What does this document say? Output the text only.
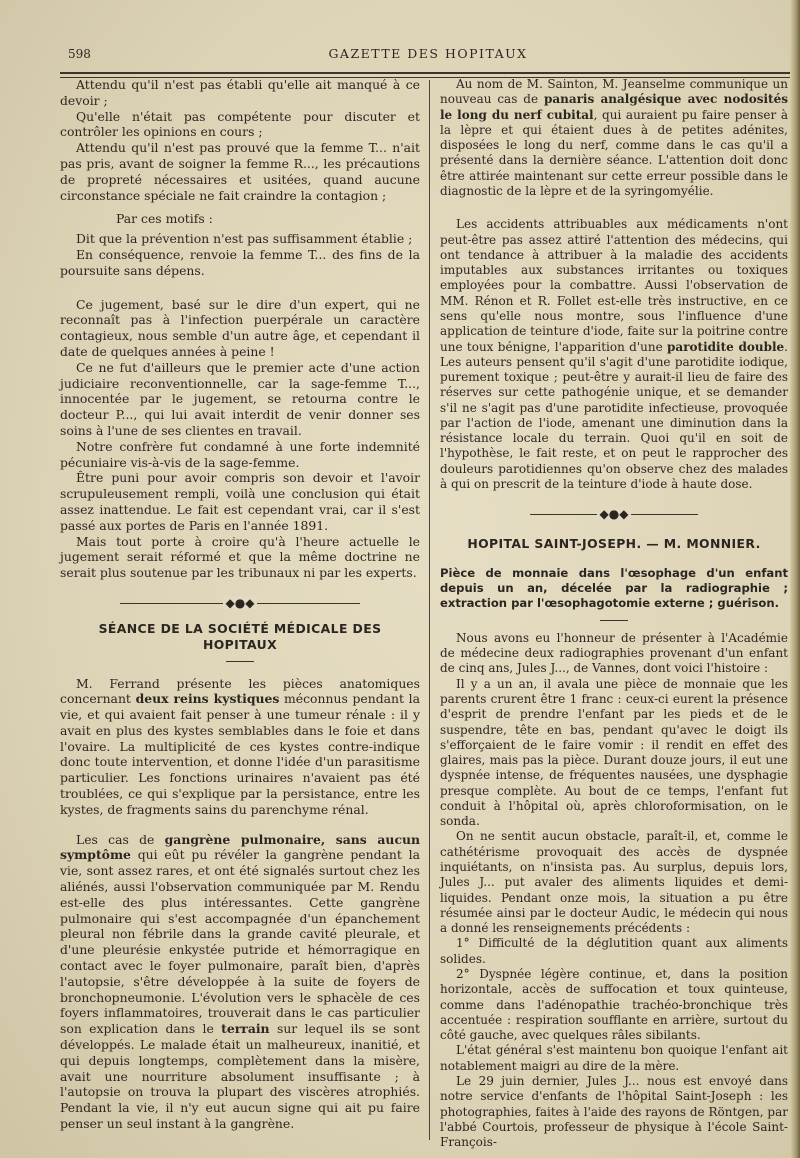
598	GAZETTE DES HOPITAUX

Attendu qu'il n'est pas établi qu'elle ait manqué à ce devoir ;

Qu'elle n'était pas compétente pour discuter et contrôler les opinions en cours ;

Attendu qu'il n'est pas prouvé que la femme T... n'ait pas pris, avant de soigner la femme R..., les précautions de propreté nécessaires et usitées, quand aucune circonstance spéciale ne fait craindre la contagion ;

Par ces motifs :

Dit que la prévention n'est pas suffisamment établie ;

En conséquence, renvoie la femme T... des fins de la poursuite sans dépens.

Ce jugement, basé sur le dire d'un expert, qui ne reconnaît pas à l'infection puerpérale un caractère contagieux, nous semble d'un autre âge, et cependant il date de quelques années à peine !

Ce ne fut d'ailleurs que le premier acte d'une action judiciaire reconventionnelle, car la sage-femme T..., innocentée par le jugement, se retourna contre le docteur P..., qui lui avait interdit de venir donner ses soins à l'une de ses clientes en travail.

Notre confrère fut condamné à une forte indemnité pécuniaire vis-à-vis de la sage-femme.

Être puni pour avoir compris son devoir et l'avoir scrupuleusement rempli, voilà une conclusion qui était assez inattendue. Le fait est cependant vrai, car il s'est passé aux portes de Paris en l'année 1891.

Mais tout porte à croire qu'à l'heure actuelle le jugement serait réformé et que la même doctrine ne serait plus soutenue par les tribunaux ni par les experts.

◆●◆

SÉANCE DE LA SOCIÉTÉ MÉDICALE DES HOPITAUX

M. Ferrand présente les pièces anatomiques concernant deux reins kystiques méconnus pendant la vie, et qui avaient fait penser à une tumeur rénale : il y avait en plus des kystes semblables dans le foie et dans l'ovaire. La multiplicité de ces kystes contre-indique donc toute intervention, et donne l'idée d'un parasitisme particulier. Les fonctions urinaires n'avaient pas été troublées, ce qui s'explique par la persistance, entre les kystes, de fragments sains du parenchyme rénal.

Les cas de gangrène pulmonaire, sans aucun symptôme qui eût pu révéler la gangrène pendant la vie, sont assez rares, et ont été signalés surtout chez les aliénés, aussi l'observation communiquée par M. Rendu est-elle des plus intéressantes. Cette gangrène pulmonaire qui s'est accompagnée d'un épanchement pleural non fébrile dans la grande cavité pleurale, et d'une pleurésie enkystée putride et hémorragique en contact avec le foyer pulmonaire, paraît bien, d'après l'autopsie, s'être développée à la suite de foyers de bronchopneumonie. L'évolution vers le sphacèle de ces foyers inflammatoires, trouverait dans le cas particulier son explication dans le terrain sur lequel ils se sont développés. Le malade était un malheureux, inanitié, et qui depuis longtemps, complètement dans la misère, avait une nourriture absolument insuffisante ; à l'autopsie on trouva la plupart des viscères atrophiés. Pendant la vie, il n'y eut aucun signe qui ait pu faire penser un seul instant à la gangrène.

Au nom de M. Sainton, M. Jeanselme communique un nouveau cas de panaris analgésique avec nodosités le long du nerf cubital, qui auraient pu faire penser à la lèpre et qui étaient dues à de petites adénites, disposées le long du nerf, comme dans le cas qu'il a présenté dans la dernière séance. L'attention doit donc être attirée maintenant sur cette erreur possible dans le diagnostic de la lèpre et de la syringomyélie.

Les accidents attribuables aux médicaments n'ont peut-être pas assez attiré l'attention des médecins, qui ont tendance à attribuer à la maladie des accidents imputables aux substances irritantes ou toxiques employées pour la combattre. Aussi l'observation de MM. Rénon et R. Follet est-elle très instructive, en ce sens qu'elle nous montre, sous l'influence d'une application de teinture d'iode, faite sur la poitrine contre une toux bénigne, l'apparition d'une parotidite double. Les auteurs pensent qu'il s'agit d'une parotidite iodique, purement toxique ; peut-être y aurait-il lieu de faire des réserves sur cette pathogénie unique, et se demander s'il ne s'agit pas d'une parotidite infectieuse, provoquée par l'action de l'iode, amenant une diminution dans la résistance locale du terrain. Quoi qu'il en soit de l'hypothèse, le fait reste, et on peut le rapprocher des douleurs parotidiennes qu'on observe chez des malades à qui on prescrit de la teinture d'iode à haute dose.

◆●◆

HOPITAL SAINT-JOSEPH. — M. MONNIER.

Pièce de monnaie dans l'œsophage d'un enfant depuis un an, décelée par la radiographie ; extraction par l'œsophagotomie externe ; guérison.

Nous avons eu l'honneur de présenter à l'Académie de médecine deux radiographies provenant d'un enfant de cinq ans, Jules J..., de Vannes, dont voici l'histoire :

Il y a un an, il avala une pièce de monnaie que les parents crurent être 1 franc : ceux-ci eurent la présence d'esprit de prendre l'enfant par les pieds et de le suspendre, tête en bas, pendant qu'avec le doigt ils s'efforçaient de le faire vomir : il rendit en effet des glaires, mais pas la pièce. Durant douze jours, il eut une dyspnée intense, de fréquentes nausées, une dysphagie presque complète. Au bout de ce temps, l'enfant fut conduit à l'hôpital où, après chloroformisation, on le sonda.

On ne sentit aucun obstacle, paraît-il, et, comme le cathétérisme provoquait des accès de dyspnée inquiétants, on n'insista pas. Au surplus, depuis lors, Jules J... put avaler des aliments liquides et demi-liquides. Pendant onze mois, la situation a pu être résumée ainsi par le docteur Audic, le médecin qui nous a donné les renseignements précédents :

1° Difficulté de la déglutition quant aux aliments solides.

2° Dyspnée légère continue, et, dans la position horizontale, accès de suffocation et toux quinteuse, comme dans l'adénopathie trachéo-bronchique très accentuée : respiration soufflante en arrière, surtout du côté gauche, avec quelques râles sibilants.

L'état général s'est maintenu bon quoique l'enfant ait notablement maigri au dire de la mère.

Le 29 juin dernier, Jules J... nous est envoyé dans notre service d'enfants de l'hôpital Saint-Joseph : les photographies, faites à l'aide des rayons de Röntgen, par l'abbé Courtois, professeur de physique à l'école Saint-François-
